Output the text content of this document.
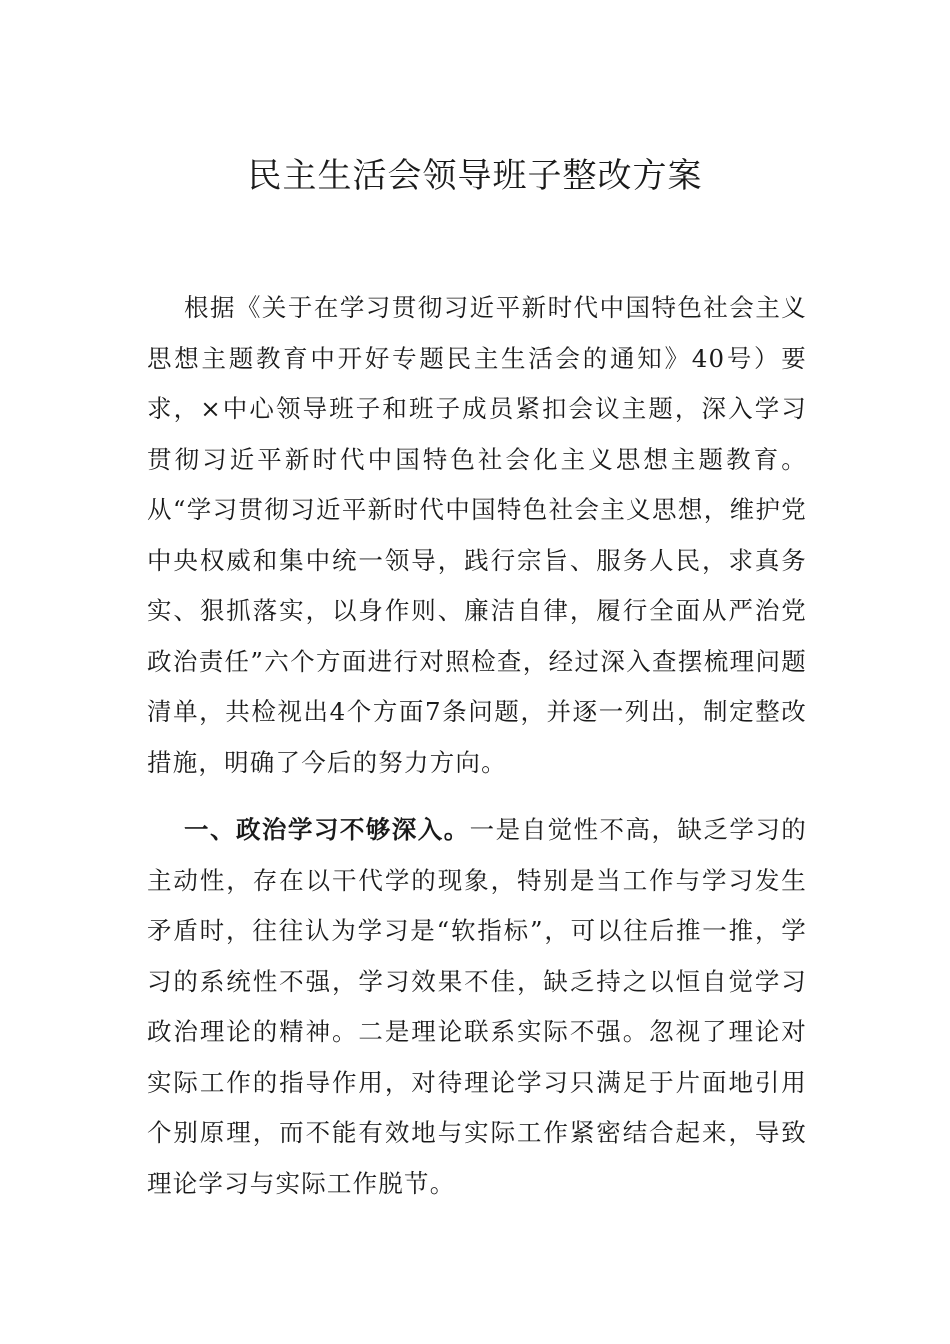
民主生活会领导班子整改方案

根据《关于在学习贯彻习近平新时代中国特色社会主义思想主题教育中开好专题民主生活会的通知》40号）要求，×中心领导班子和班子成员紧扣会议主题，深入学习贯彻习近平新时代中国特色社会化主义思想主题教育。从“学习贯彻习近平新时代中国特色社会主义思想，维护党中央权威和集中统一领导，践行宗旨、服务人民，求真务实、狠抓落实，以身作则、廉洁自律，履行全面从严治党政治责任”六个方面进行对照检查，经过深入查摆梳理问题清单，共检视出4个方面7条问题，并逐一列出，制定整改措施，明确了今后的努力方向。

一、政治学习不够深入。一是自觉性不高，缺乏学习的主动性，存在以干代学的现象，特别是当工作与学习发生矛盾时，往往认为学习是“软指标”，可以往后推一推，学习的系统性不强，学习效果不佳，缺乏持之以恒自觉学习政治理论的精神。二是理论联系实际不强。忽视了理论对实际工作的指导作用，对待理论学习只满足于片面地引用个别原理，而不能有效地与实际工作紧密结合起来，导致理论学习与实际工作脱节。
